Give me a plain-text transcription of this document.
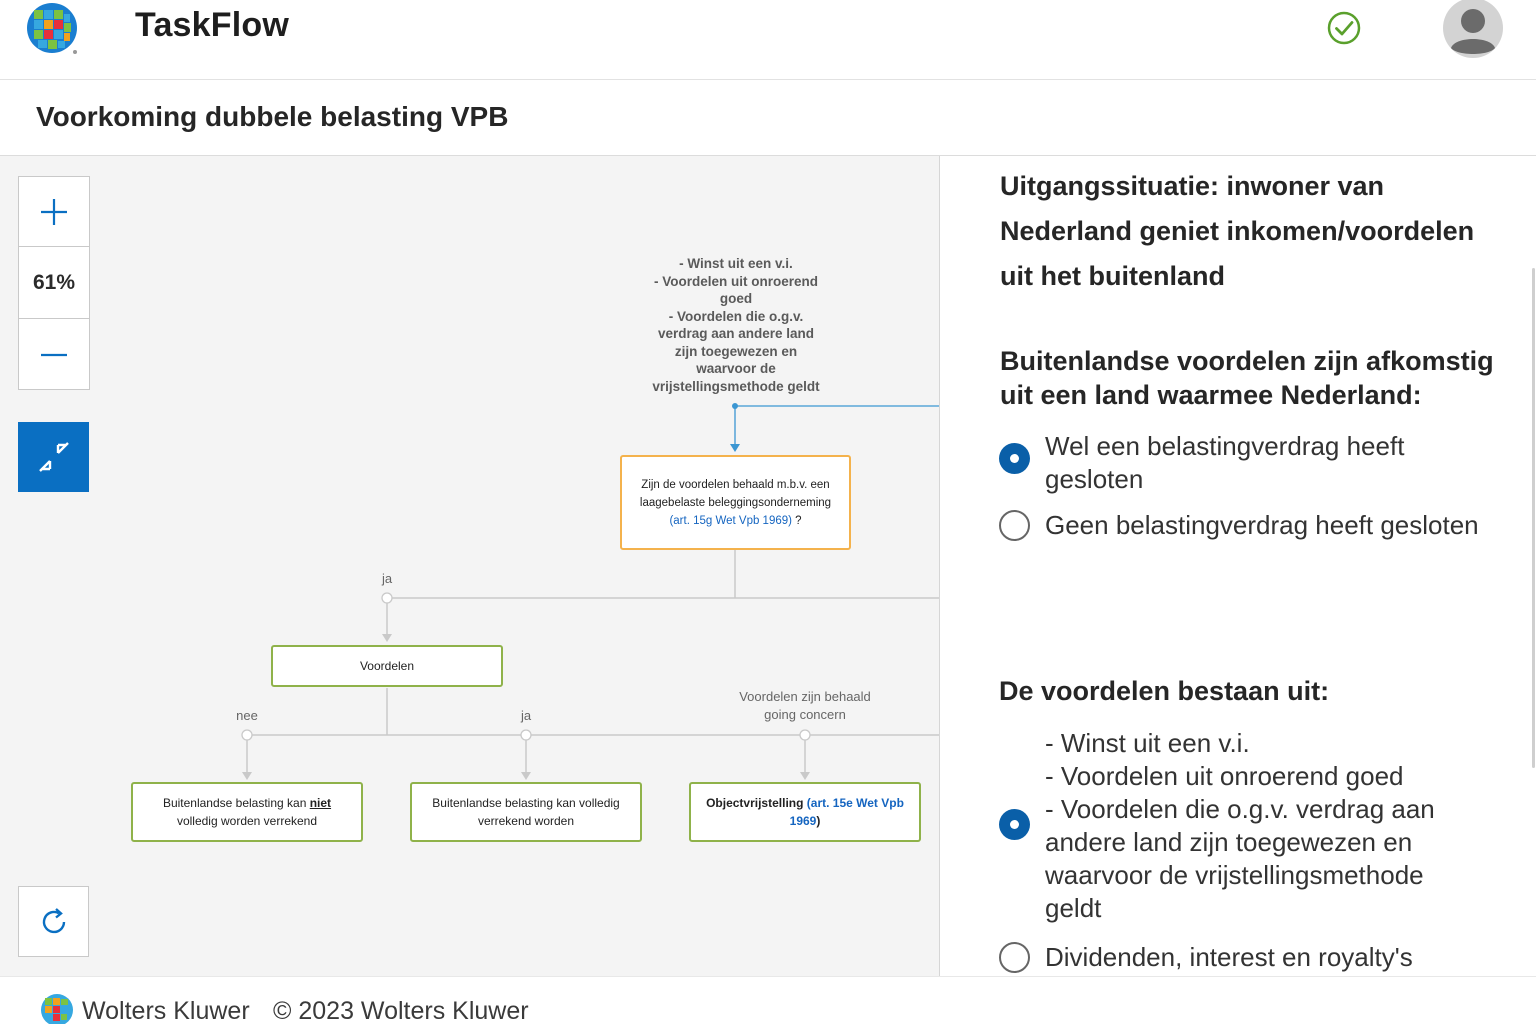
TaskFlow
Voorkoming dubbele belasting VPB
- Winst uit een v.i.
- Voordelen uit onroerend
goed
- Voordelen die o.g.v.
verdrag aan andere land
zijn toegewezen en
waarvoor de
vrijstellingsmethode geldt
Zijn de voordelen behaald m.b.v. een laagebelaste beleggingsonderneming (art. 15g Wet Vpb 1969) ?
ja
Voordelen
nee	ja
Voordelen zijn behaald
going concern
Buitenlandse belasting kan niet volledig worden verrekend
Buitenlandse belasting kan volledig verrekend worden
Objectvrijstelling (art. 15e Wet Vpb 1969)
61%
Uitgangssituatie: inwoner van Nederland geniet inkomen/voordelen uit het buitenland
Buitenlandse voordelen zijn afkomstig uit een land waarmee Nederland:
Wel een belastingverdrag heeft gesloten
Geen belastingverdrag heeft gesloten
De voordelen bestaan uit:
- Winst uit een v.i.
- Voordelen uit onroerend goed
- Voordelen die o.g.v. verdrag aan andere land zijn toegewezen en waarvoor de vrijstellingsmethode geldt
Dividenden, interest en royalty's
Wolters Kluwer © 2023 Wolters Kluwer
